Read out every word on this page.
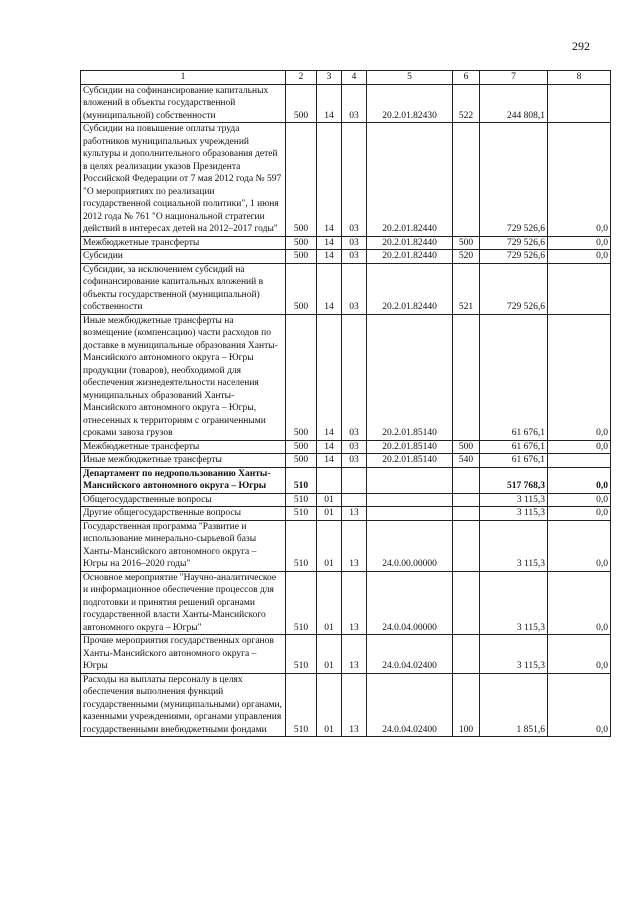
292
1	2	3	4	5	6	7	8
Субсидии на софинансирование капитальных вложений в объекты государственной (муниципальной) собственности	500	14	03	20.2.01.82430	522	244 808,1	
Субсидии на повышение оплаты труда работников муниципальных учреждений культуры и дополнительного образования детей в целях реализации указов Президента Российской Федерации от 7 мая 2012 года № 597 "О мероприятиях по реализации государственной социальной политики", 1 июня 2012 года № 761 "О национальной стратегии действий в интересах детей на 2012–2017 годы"	500	14	03	20.2.01.82440		729 526,6	0,0
Межбюджетные трансферты	500	14	03	20.2.01.82440	500	729 526,6	0,0
Субсидии	500	14	03	20.2.01.82440	520	729 526,6	0,0
Субсидии, за исключением субсидий на софинансирование капитальных вложений в объекты государственной (муниципальной) собственности	500	14	03	20.2.01.82440	521	729 526,6	
Иные межбюджетные трансферты на возмещение (компенсацию) части расходов по доставке в муниципальные образования Ханты-Мансийского автономного округа – Югры продукции (товаров), необходимой для обеспечения жизнедеятельности населения муниципальных образований Ханты-Мансийского автономного округа – Югры, отнесенных к территориям с ограниченными сроками завоза грузов	500	14	03	20.2.01.85140		61 676,1	0,0
Межбюджетные трансферты	500	14	03	20.2.01.85140	500	61 676,1	0,0
Иные межбюджетные трансферты	500	14	03	20.2.01.85140	540	61 676,1	
Департамент по недропользованию Ханты-Мансийского автономного округа – Югры	510					517 768,3	0,0
Общегосударственные вопросы	510	01				3 115,3	0,0
Другие общегосударственные вопросы	510	01	13			3 115,3	0,0
Государственная программа "Развитие и использование минерально-сырьевой базы Ханты-Мансийского автономного округа – Югры на 2016–2020 годы"	510	01	13	24.0.00.00000		3 115,3	0,0
Основное мероприятие "Научно-аналитическое и информационное обеспечение процессов для подготовки и принятия решений органами государственной власти Ханты-Мансийского автономного округа – Югры"	510	01	13	24.0.04.00000		3 115,3	0,0
Прочие мероприятия государственных органов Ханты-Мансийского автономного округа – Югры	510	01	13	24.0.04.02400		3 115,3	0,0
Расходы на выплаты персоналу в целях обеспечения выполнения функций государственными (муниципальными) органами, казенными учреждениями, органами управления государственными внебюджетными фондами	510	01	13	24.0.04.02400	100	1 851,6	0,0
